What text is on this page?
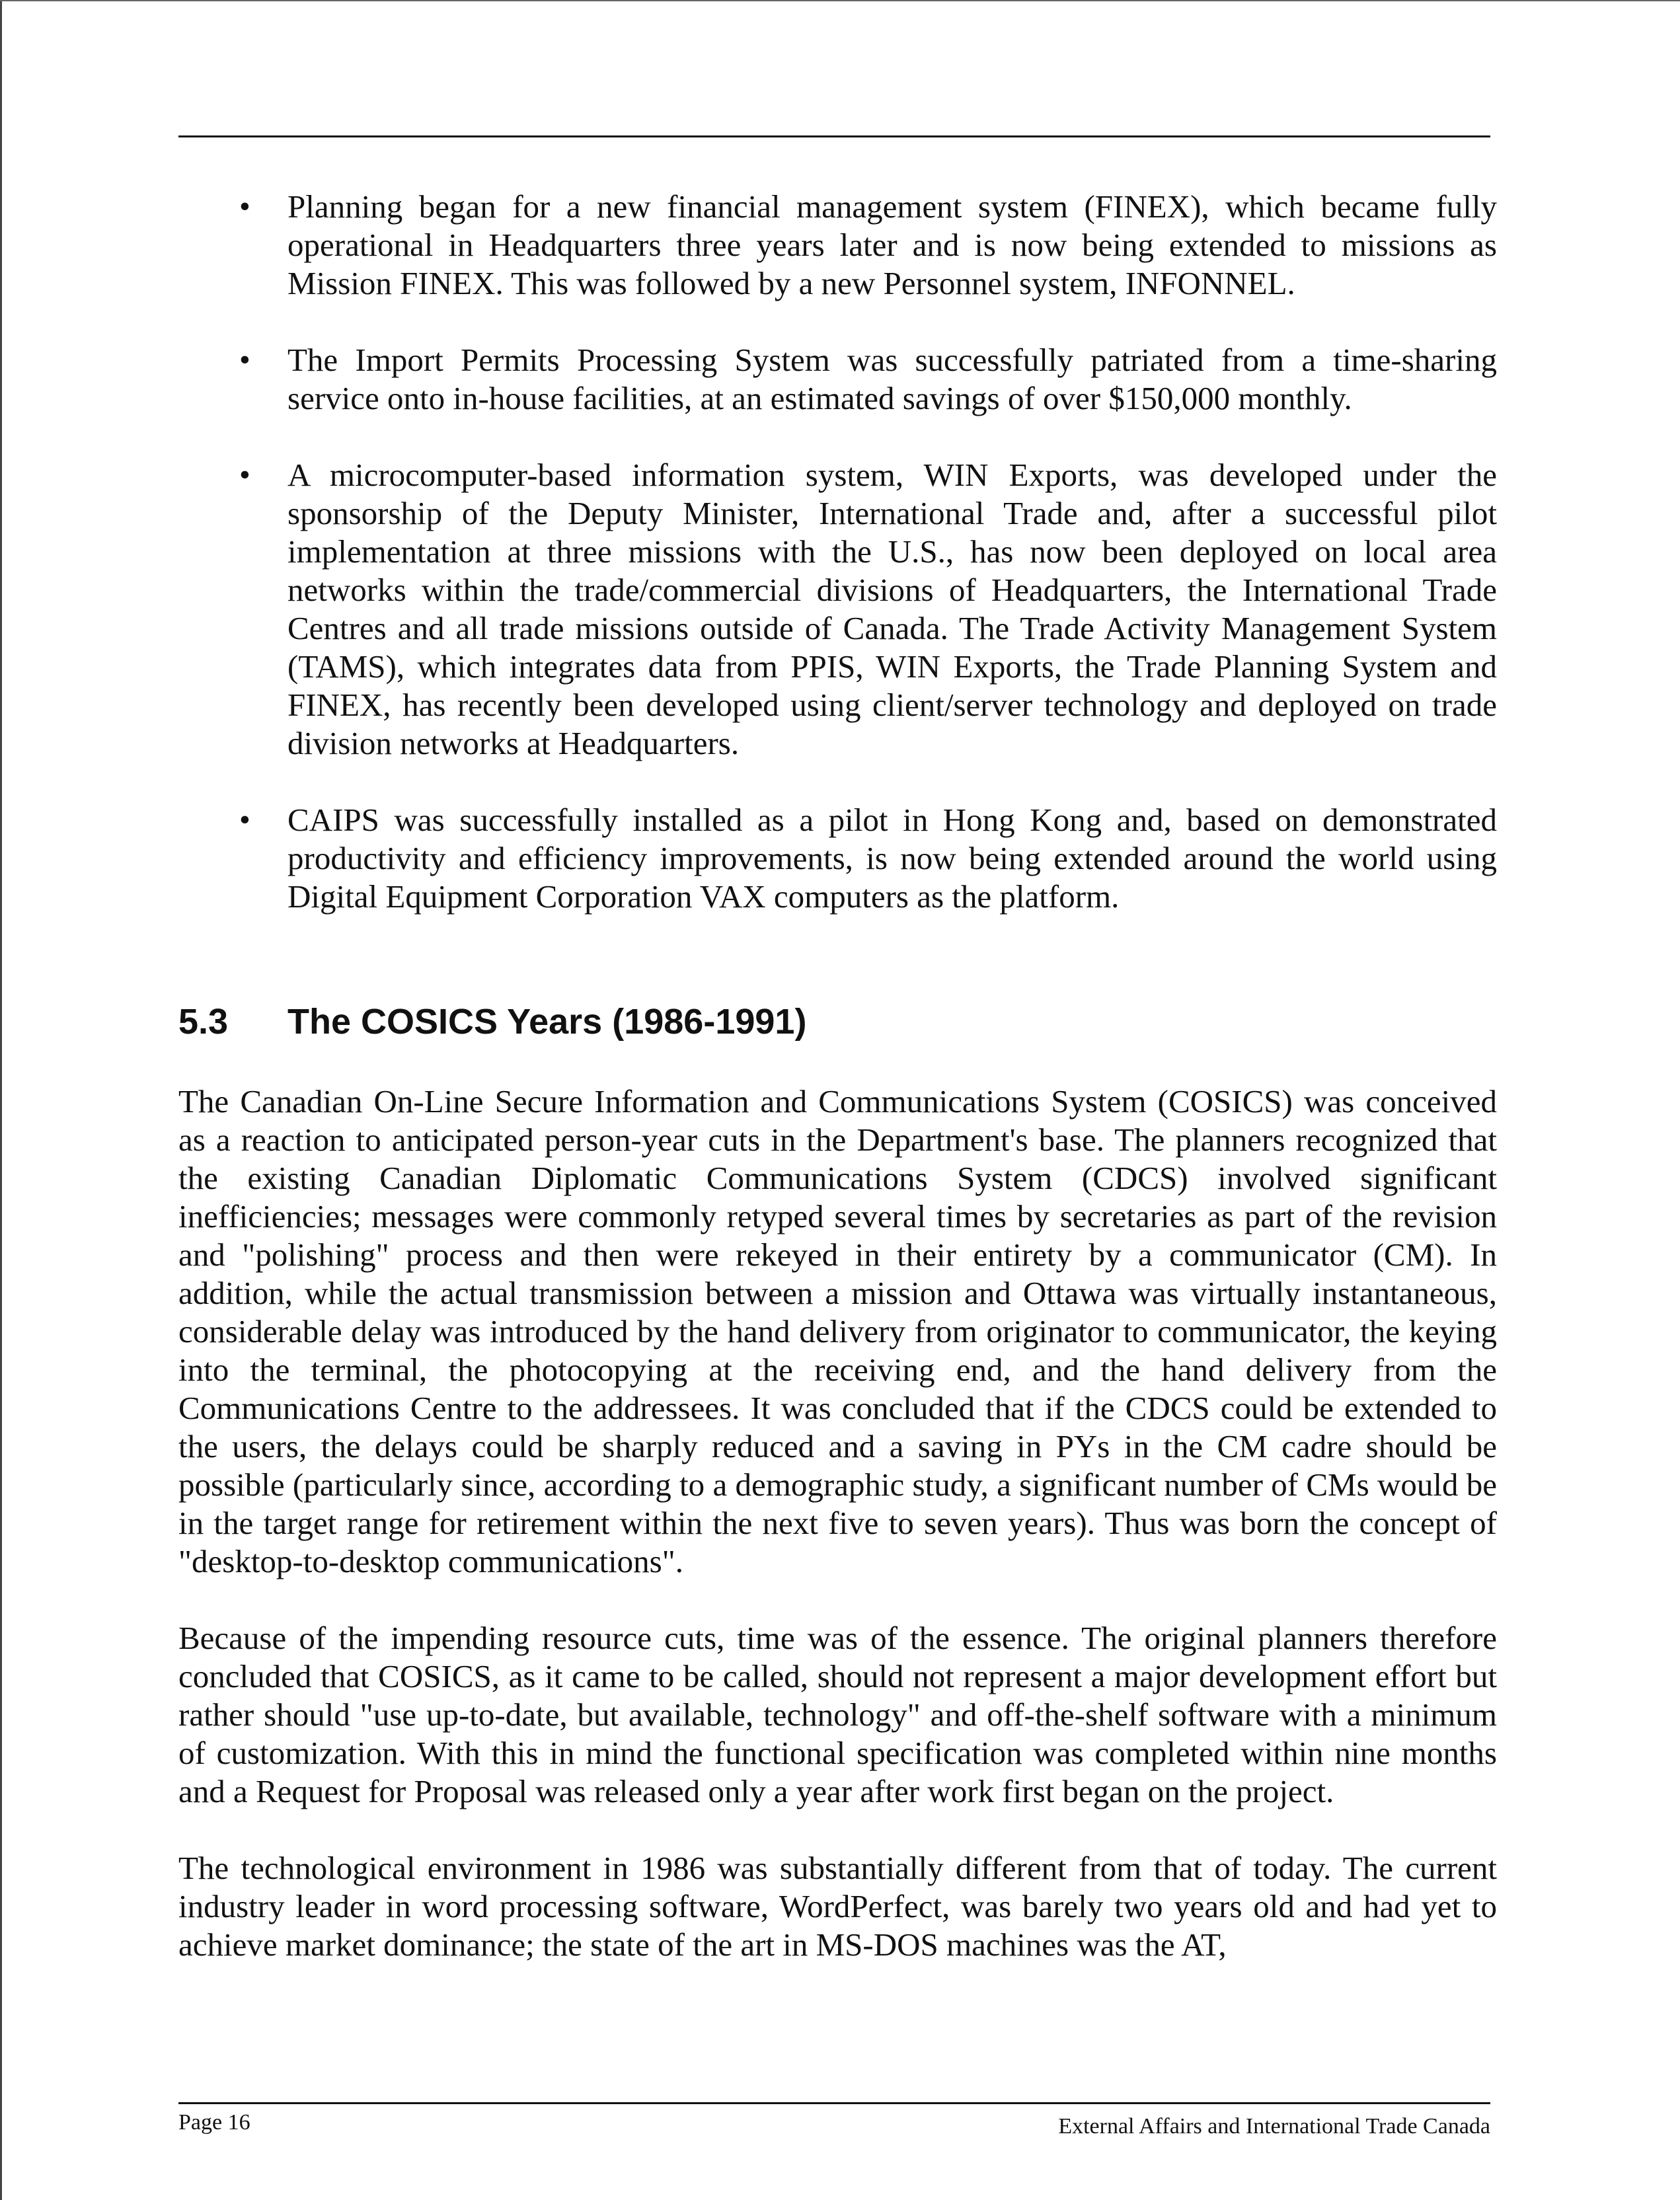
• Planning began for a new financial management system (FINEX), which became fully operational in Headquarters three years later and is now being extended to missions as Mission FINEX. This was followed by a new Personnel system, INFONNEL.
• The Import Permits Processing System was successfully patriated from a time-sharing service onto in-house facilities, at an estimated savings of over $150,000 monthly.
• A microcomputer-based information system, WIN Exports, was developed under the sponsorship of the Deputy Minister, International Trade and, after a successful pilot implementation at three missions with the U.S., has now been deployed on local area networks within the trade/commercial divisions of Headquarters, the International Trade Centres and all trade missions outside of Canada. The Trade Activity Management System (TAMS), which integrates data from PPIS, WIN Exports, the Trade Planning System and FINEX, has recently been developed using client/server technology and deployed on trade division networks at Headquarters.
• CAIPS was successfully installed as a pilot in Hong Kong and, based on demonstrated productivity and efficiency improvements, is now being extended around the world using Digital Equipment Corporation VAX computers as the platform.
5.3	The COSICS Years (1986-1991)

The Canadian On-Line Secure Information and Communications System (COSICS) was conceived as a reaction to anticipated person-year cuts in the Department's base. The planners recognized that the existing Canadian Diplomatic Communications System (CDCS) involved significant inefficiencies; messages were commonly retyped several times by secretaries as part of the revision and "polishing" process and then were rekeyed in their entirety by a communicator (CM). In addition, while the actual transmission between a mission and Ottawa was virtually instantaneous, considerable delay was introduced by the hand delivery from originator to communicator, the keying into the terminal, the photocopying at the receiving end, and the hand delivery from the Communications Centre to the addressees. It was concluded that if the CDCS could be extended to the users, the delays could be sharply reduced and a saving in PYs in the CM cadre should be possible (particularly since, according to a demographic study, a significant number of CMs would be in the target range for retirement within the next five to seven years). Thus was born the concept of "desktop-to-desktop communications".

Because of the impending resource cuts, time was of the essence. The original planners therefore concluded that COSICS, as it came to be called, should not represent a major development effort but rather should "use up-to-date, but available, technology" and off-the-shelf software with a minimum of customization. With this in mind the functional specification was completed within nine months and a Request for Proposal was released only a year after work first began on the project.

The technological environment in 1986 was substantially different from that of today. The current industry leader in word processing software, WordPerfect, was barely two years old and had yet to achieve market dominance; the state of the art in MS-DOS machines was the AT,

Page 16	External Affairs and International Trade Canada
